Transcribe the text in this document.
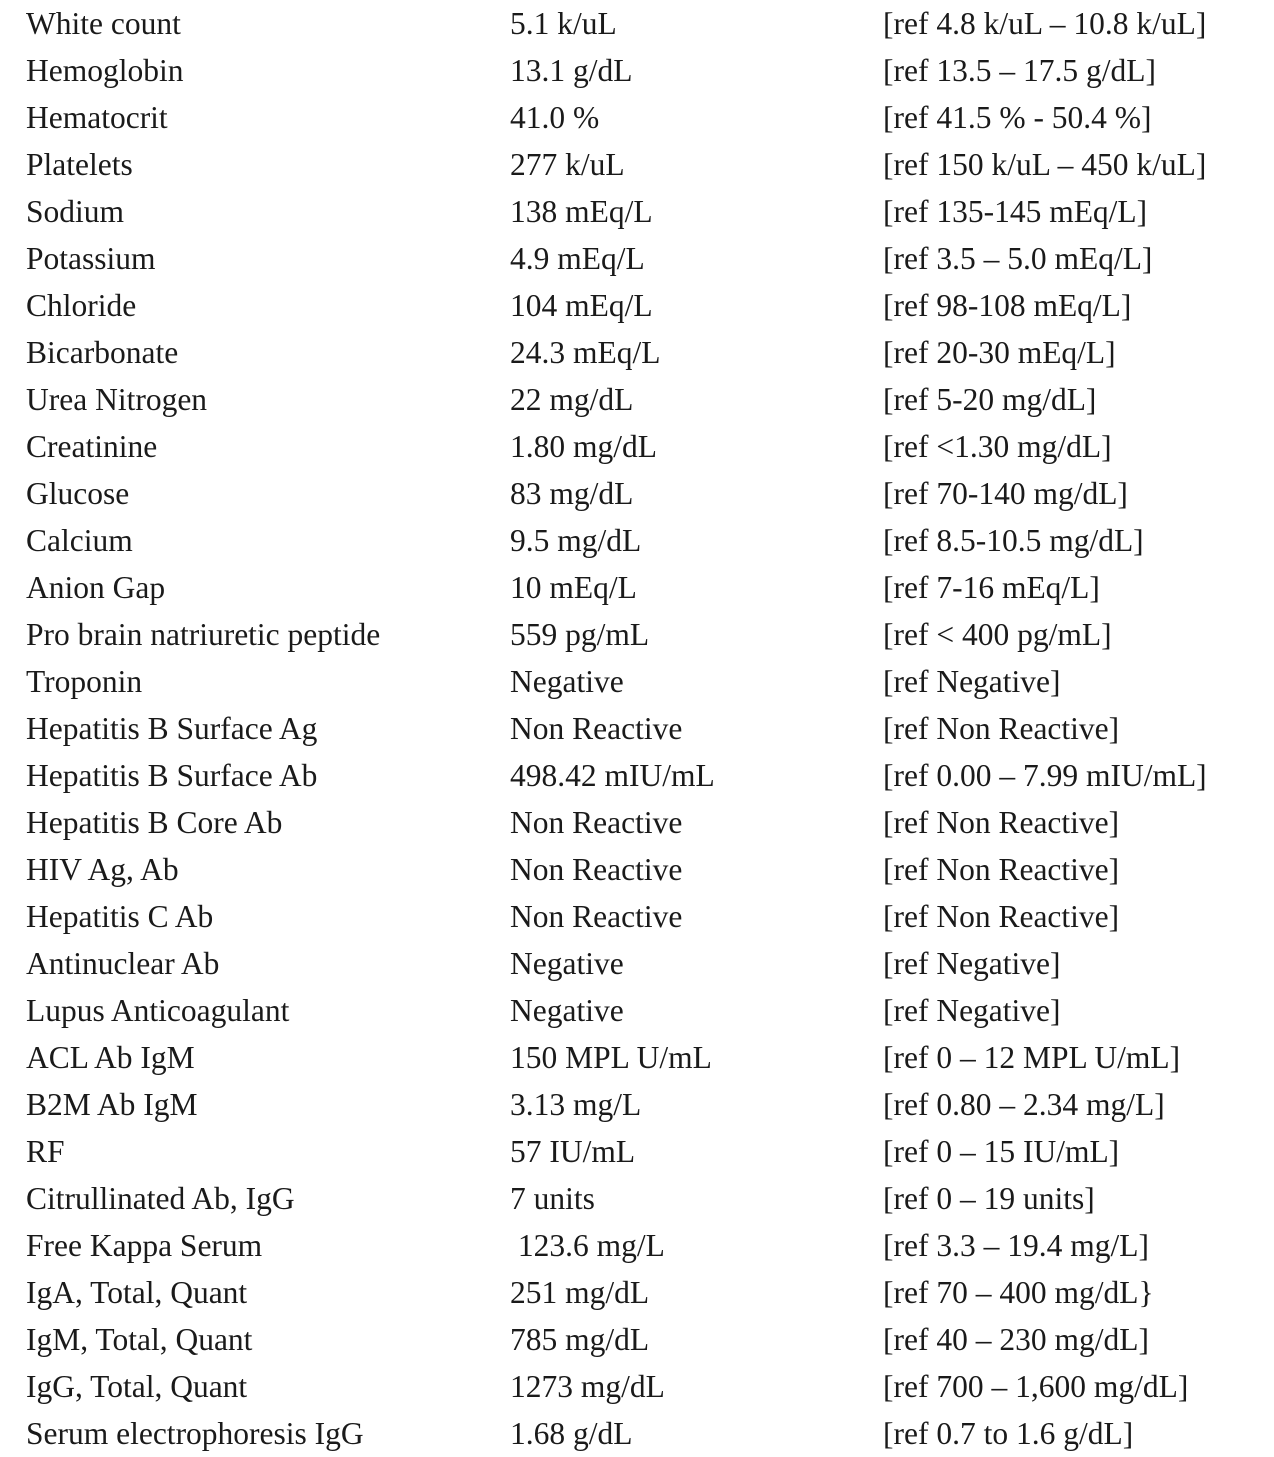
White count	5.1 k/uL	[ref 4.8 k/uL – 10.8 k/uL]
Hemoglobin	13.1 g/dL	[ref 13.5 – 17.5 g/dL]
Hematocrit	41.0 %	[ref 41.5 % - 50.4 %]
Platelets	277 k/uL	[ref 150 k/uL – 450 k/uL]
Sodium	138 mEq/L	[ref 135-145 mEq/L]
Potassium	4.9 mEq/L	[ref 3.5 – 5.0 mEq/L]
Chloride	104 mEq/L	[ref 98-108 mEq/L]
Bicarbonate	24.3 mEq/L	[ref 20-30 mEq/L]
Urea Nitrogen	22 mg/dL	[ref 5-20 mg/dL]
Creatinine	1.80 mg/dL	[ref <1.30 mg/dL]
Glucose	83 mg/dL	[ref 70-140 mg/dL]
Calcium	9.5 mg/dL	[ref 8.5-10.5 mg/dL]
Anion Gap	10 mEq/L	[ref 7-16 mEq/L]
Pro brain natriuretic peptide	559 pg/mL	[ref < 400 pg/mL]
Troponin	Negative	[ref Negative]
Hepatitis B Surface Ag	Non Reactive	[ref Non Reactive]
Hepatitis B Surface Ab	498.42 mIU/mL	[ref 0.00 – 7.99 mIU/mL]
Hepatitis B Core Ab	Non Reactive	[ref Non Reactive]
HIV Ag, Ab	Non Reactive	[ref Non Reactive]
Hepatitis C Ab	Non Reactive	[ref Non Reactive]
Antinuclear Ab	Negative	[ref Negative]
Lupus Anticoagulant	Negative	[ref Negative]
ACL Ab IgM	150 MPL U/mL	[ref 0 – 12 MPL U/mL]
B2M Ab IgM	3.13 mg/L	[ref 0.80 – 2.34 mg/L]
RF	57 IU/mL	[ref 0 – 15 IU/mL]
Citrullinated Ab, IgG	7 units	[ref 0 – 19 units]
Free Kappa Serum	123.6 mg/L	[ref 3.3 – 19.4 mg/L]
IgA, Total, Quant	251 mg/dL	[ref 70 – 400 mg/dL}
IgM, Total, Quant	785 mg/dL	[ref 40 – 230 mg/dL]
IgG, Total, Quant	1273 mg/dL	[ref 700 – 1,600 mg/dL]
Serum electrophoresis IgG	1.68 g/dL	[ref 0.7 to 1.6 g/dL]
